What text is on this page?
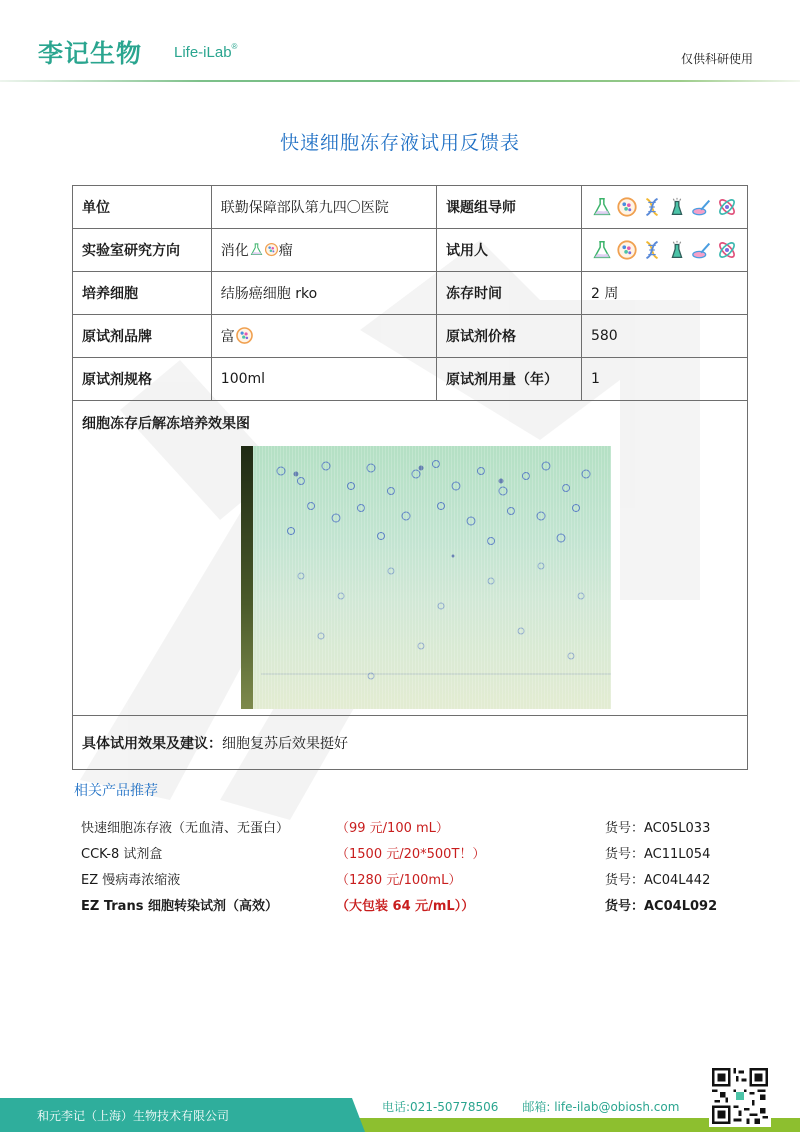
李记生物 Life-iLab®
仅供科研使用
快速细胞冻存液试用反馈表
单位	联勤保障部队第九四〇医院	课题组导师	

实验室研究方向	消化 瘤	试用人	

培养细胞	结肠癌细胞 rko	冻存时间	2 周
原试剂品牌	富	原试剂价格	580
原试剂规格	100ml	原试剂用量（年）	1

细胞冻存后解冻培养效果图			

具体试用效果及建议：细胞复苏后效果挺好			
相关产品推荐
快速细胞冻存液（无血清、无蛋白）	（99 元/100 mL）	货号：AC05L033
CCK-8 试剂盒	（1500 元/20*500T！）	货号：AC11L054
EZ 慢病毒浓缩液	（1280 元/100mL）	货号：AC04L442
EZ Trans 细胞转染试剂（高效）	（大包装 64 元/mL））	货号：AC04L092
和元李记（上海）生物技术有限公司
电话:021-50778506 邮箱: life-ilab@obiosh.com
